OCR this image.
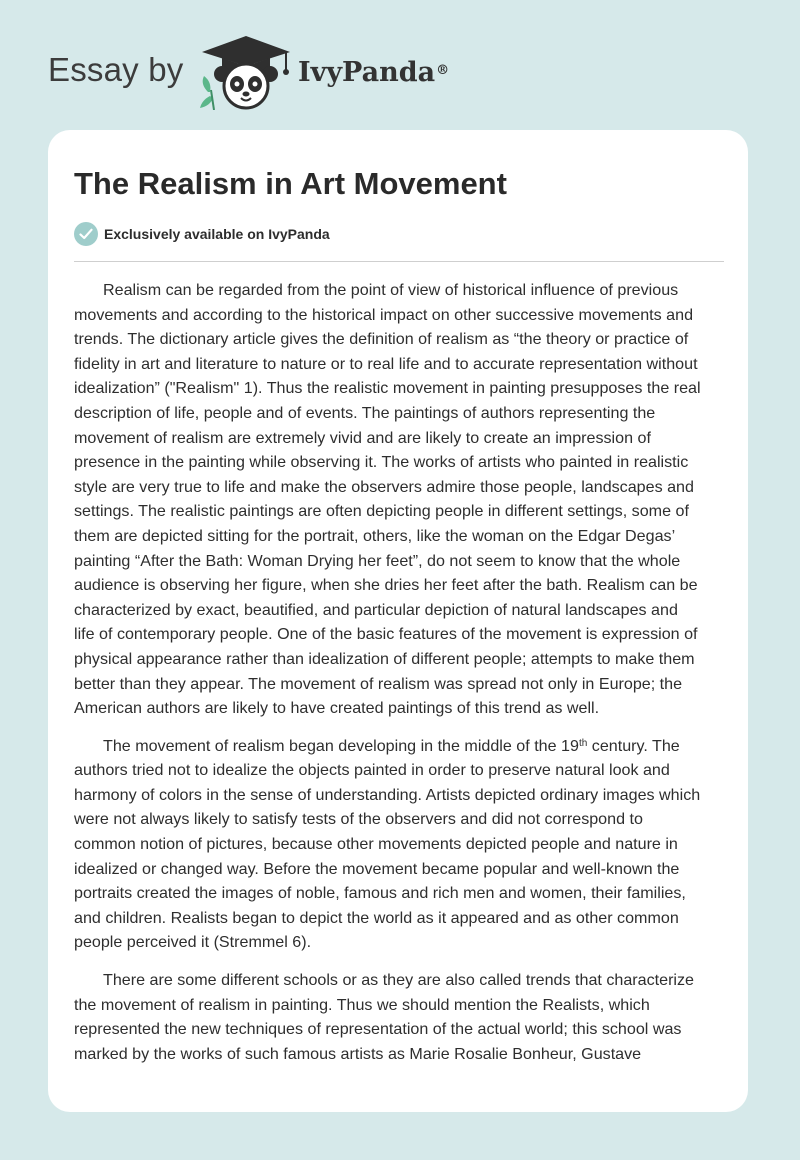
Essay by	IvyPanda®
The Realism in Art Movement
Exclusively available on IvyPanda

Realism can be regarded from the point of view of historical influence of previous
movements and according to the historical impact on other successive movements and
trends. The dictionary article gives the definition of realism as “the theory or practice of
fidelity in art and literature to nature or to real life and to accurate representation without
idealization” ("Realism" 1). Thus the realistic movement in painting presupposes the real
description of life, people and of events. The paintings of authors representing the
movement of realism are extremely vivid and are likely to create an impression of
presence in the painting while observing it. The works of artists who painted in realistic
style are very true to life and make the observers admire those people, landscapes and
settings. The realistic paintings are often depicting people in different settings, some of
them are depicted sitting for the portrait, others, like the woman on the Edgar Degas’
painting “After the Bath: Woman Drying her feet”, do not seem to know that the whole
audience is observing her figure, when she dries her feet after the bath. Realism can be
characterized by exact, beautified, and particular depiction of natural landscapes and
life of contemporary people. One of the basic features of the movement is expression of
physical appearance rather than idealization of different people; attempts to make them
better than they appear. The movement of realism was spread not only in Europe; the
American authors are likely to have created paintings of this trend as well.

The movement of realism began developing in the middle of the 19th century. The
authors tried not to idealize the objects painted in order to preserve natural look and
harmony of colors in the sense of understanding. Artists depicted ordinary images which
were not always likely to satisfy tests of the observers and did not correspond to
common notion of pictures, because other movements depicted people and nature in
idealized or changed way. Before the movement became popular and well-known the
portraits created the images of noble, famous and rich men and women, their families,
and children. Realists began to depict the world as it appeared and as other common
people perceived it (Stremmel 6).

There are some different schools or as they are also called trends that characterize
the movement of realism in painting. Thus we should mention the Realists, which
represented the new techniques of representation of the actual world; this school was
marked by the works of such famous artists as Marie Rosalie Bonheur, Gustave
